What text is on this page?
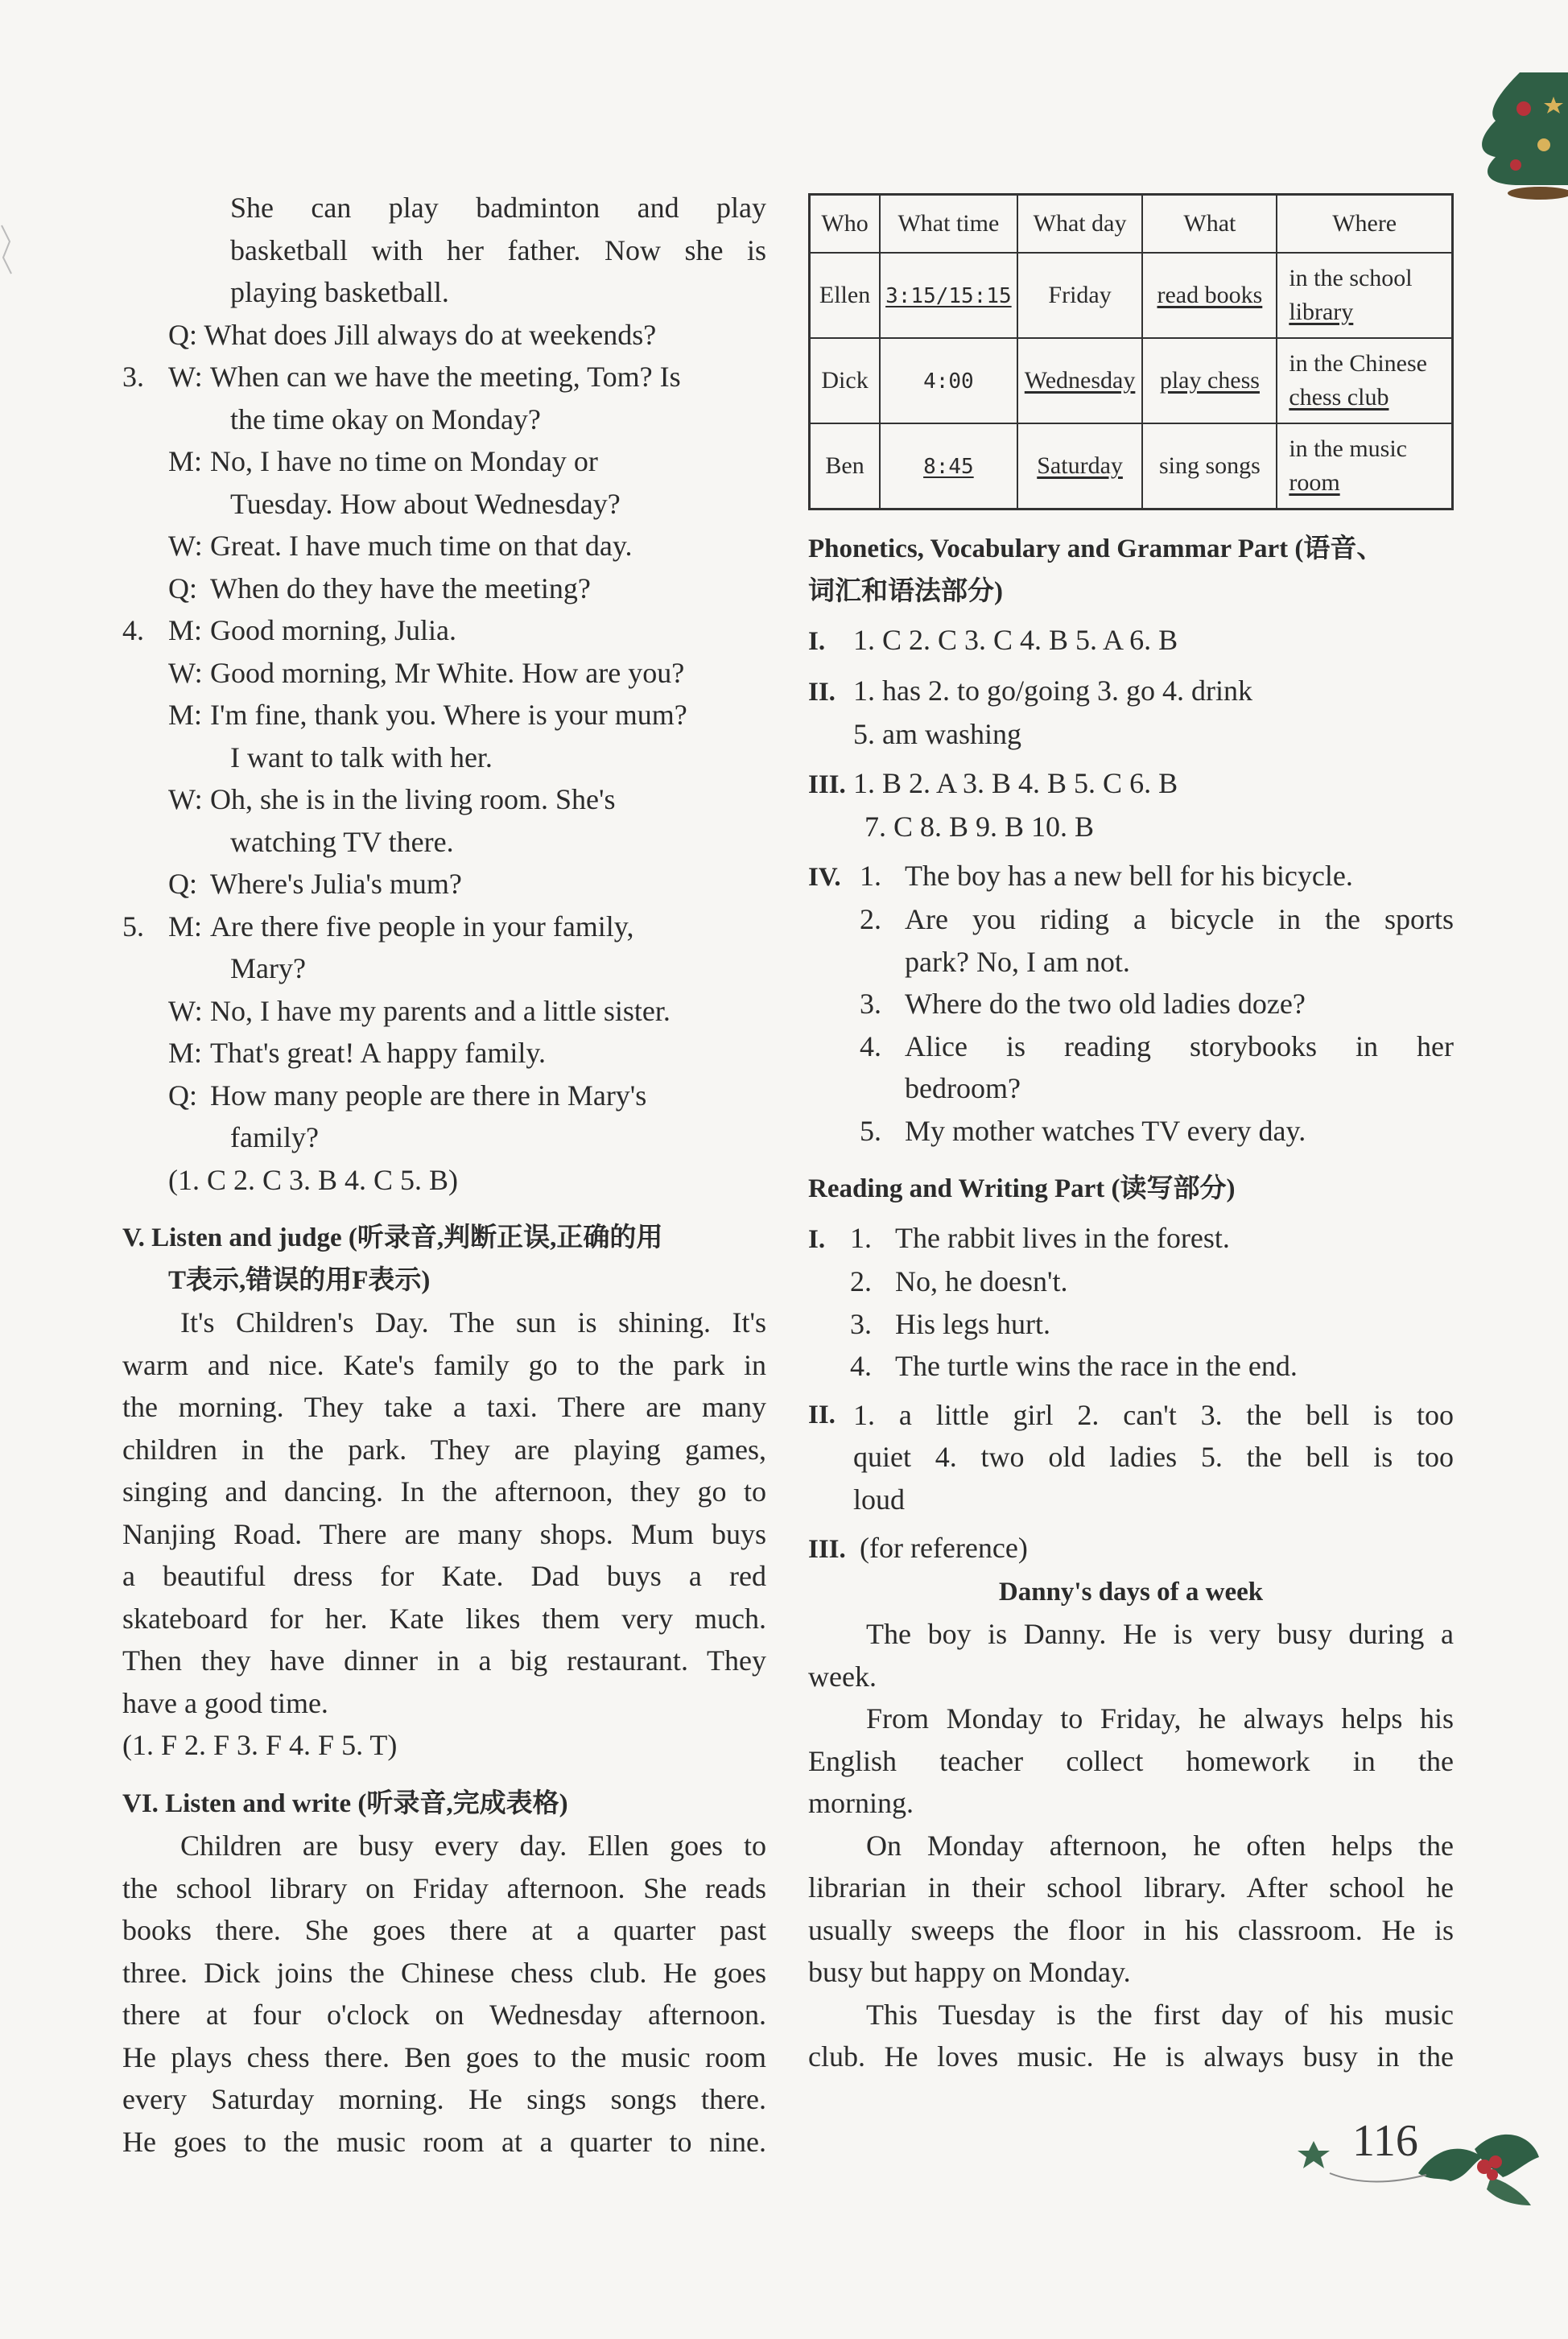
She can play badminton and play
basketball with her father. Now she is
playing basketball.
Q: What does Jill always do at weekends?
3. W: When can we have the meeting, Tom? Is
the time okay on Monday?
M: No, I have no time on Monday or
Tuesday. How about Wednesday?
W: Great. I have much time on that day.
Q: When do they have the meeting?
4. M: Good morning, Julia.
W: Good morning, Mr White. How are you?
M: I'm fine, thank you. Where is your mum?
I want to talk with her.
W: Oh, she is in the living room. She's
watching TV there.
Q: Where's Julia's mum?
5. M: Are there five people in your family,
Mary?
W: No, I have my parents and a little sister.
M: That's great! A happy family.
Q: How many people are there in Mary's
family?
(1. C 2. C 3. B 4. C 5. B)
V. Listen and judge (听录音,判断正误,正确的用
T表示,错误的用F表示)
It's Children's Day. The sun is shining. It's
warm and nice. Kate's family go to the park in
the morning. They take a taxi. There are many
children in the park. They are playing games,
singing and dancing. In the afternoon, they go to
Nanjing Road. There are many shops. Mum buys
a beautiful dress for Kate. Dad buys a red
skateboard for her. Kate likes them very much.
Then they have dinner in a big restaurant. They
have a good time.
(1. F 2. F 3. F 4. F 5. T)
VI. Listen and write (听录音,完成表格)
Children are busy every day. Ellen goes to
the school library on Friday afternoon. She reads
books there. She goes there at a quarter past
three. Dick joins the Chinese chess club. He goes
there at four o'clock on Wednesday afternoon.
He plays chess there. Ben goes to the music room
every Saturday morning. He sings songs there.
He goes to the music room at a quarter to nine.
Who	What time	What day	What	Where
Ellen	3:15/15:15	Friday	read books	in the school
library

Dick	4:00	Wednesday	play chess	in the Chinese
chess club

Ben	8:45	Saturday	sing songs	in the music
room
Phonetics, Vocabulary and Grammar Part (语音、
词汇和语法部分)
I. 1. C 2. C 3. C 4. B 5. A 6. B
II. 1. has 2. to go/going 3. go 4. drink
5. am washing
III. 1. B 2. A 3. B 4. B 5. C 6. B
7. C 8. B 9. B 10. B
IV. 1. The boy has a new bell for his bicycle.
2. Are you riding a bicycle in the sports
park? No, I am not.
3. Where do the two old ladies doze?
4. Alice is reading storybooks in her
bedroom?
5. My mother watches TV every day.
Reading and Writing Part (读写部分)
I. 1. The rabbit lives in the forest.
2. No, he doesn't.
3. His legs hurt.
4. The turtle wins the race in the end.
II. 1. a little girl 2. can't 3. the bell is too
quiet 4. two old ladies 5. the bell is too
loud
III. (for reference)
Danny's days of a week
The boy is Danny. He is very busy during a
week.
From Monday to Friday, he always helps his
English teacher collect homework in the
morning.
On Monday afternoon, he often helps the
librarian in their school library. After school he
usually sweeps the floor in his classroom. He is
busy but happy on Monday.
This Tuesday is the first day of his music
club. He loves music. He is always busy in the
116
